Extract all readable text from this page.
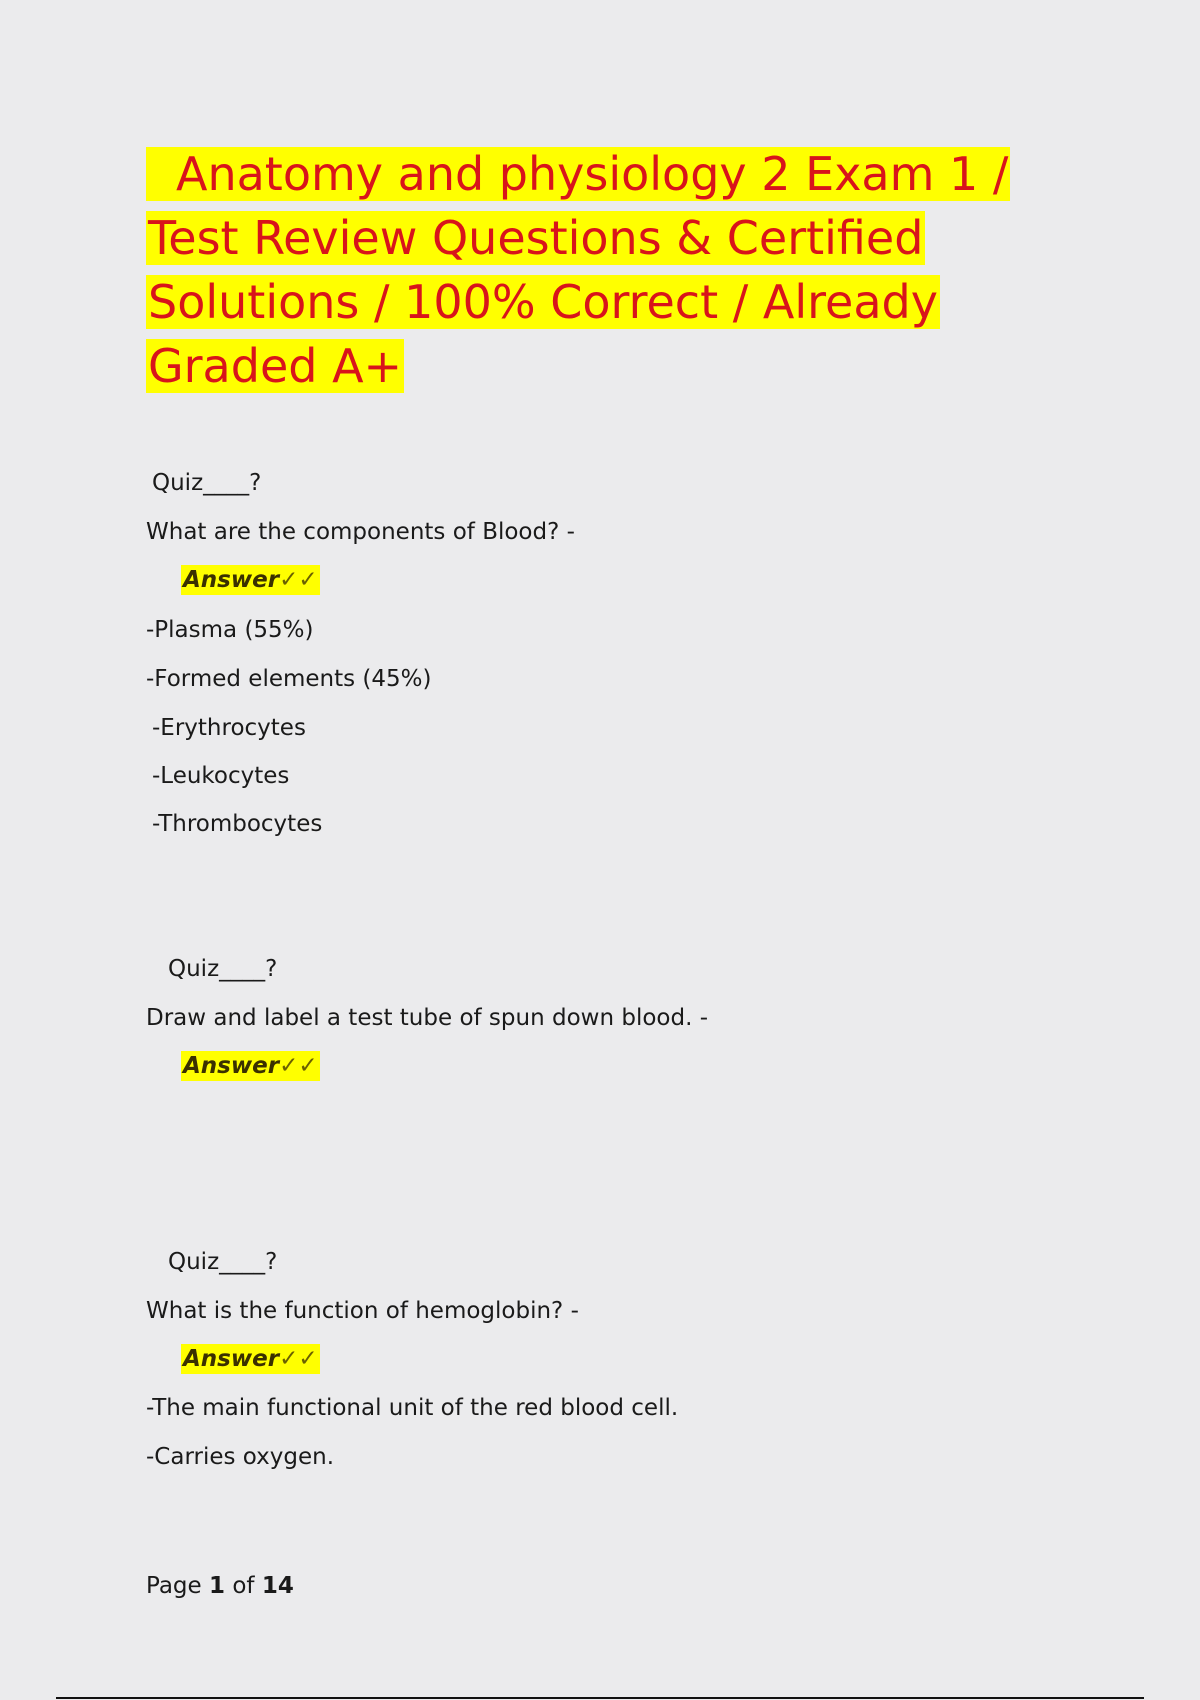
Anatomy and physiology 2 Exam 1 /
Test Review Questions & Certified
Solutions / 100% Correct / Already
Graded A+
Quiz____?
What are the components of Blood? -
Answer✓✓
-Plasma (55%)
-Formed elements (45%)
-Erythrocytes
-Leukocytes
-Thrombocytes
Quiz____?
Draw and label a test tube of spun down blood. -
Answer✓✓
Quiz____?
What is the function of hemoglobin? -
Answer✓✓
-The main functional unit of the red blood cell.
-Carries oxygen.
Page 1 of 14
